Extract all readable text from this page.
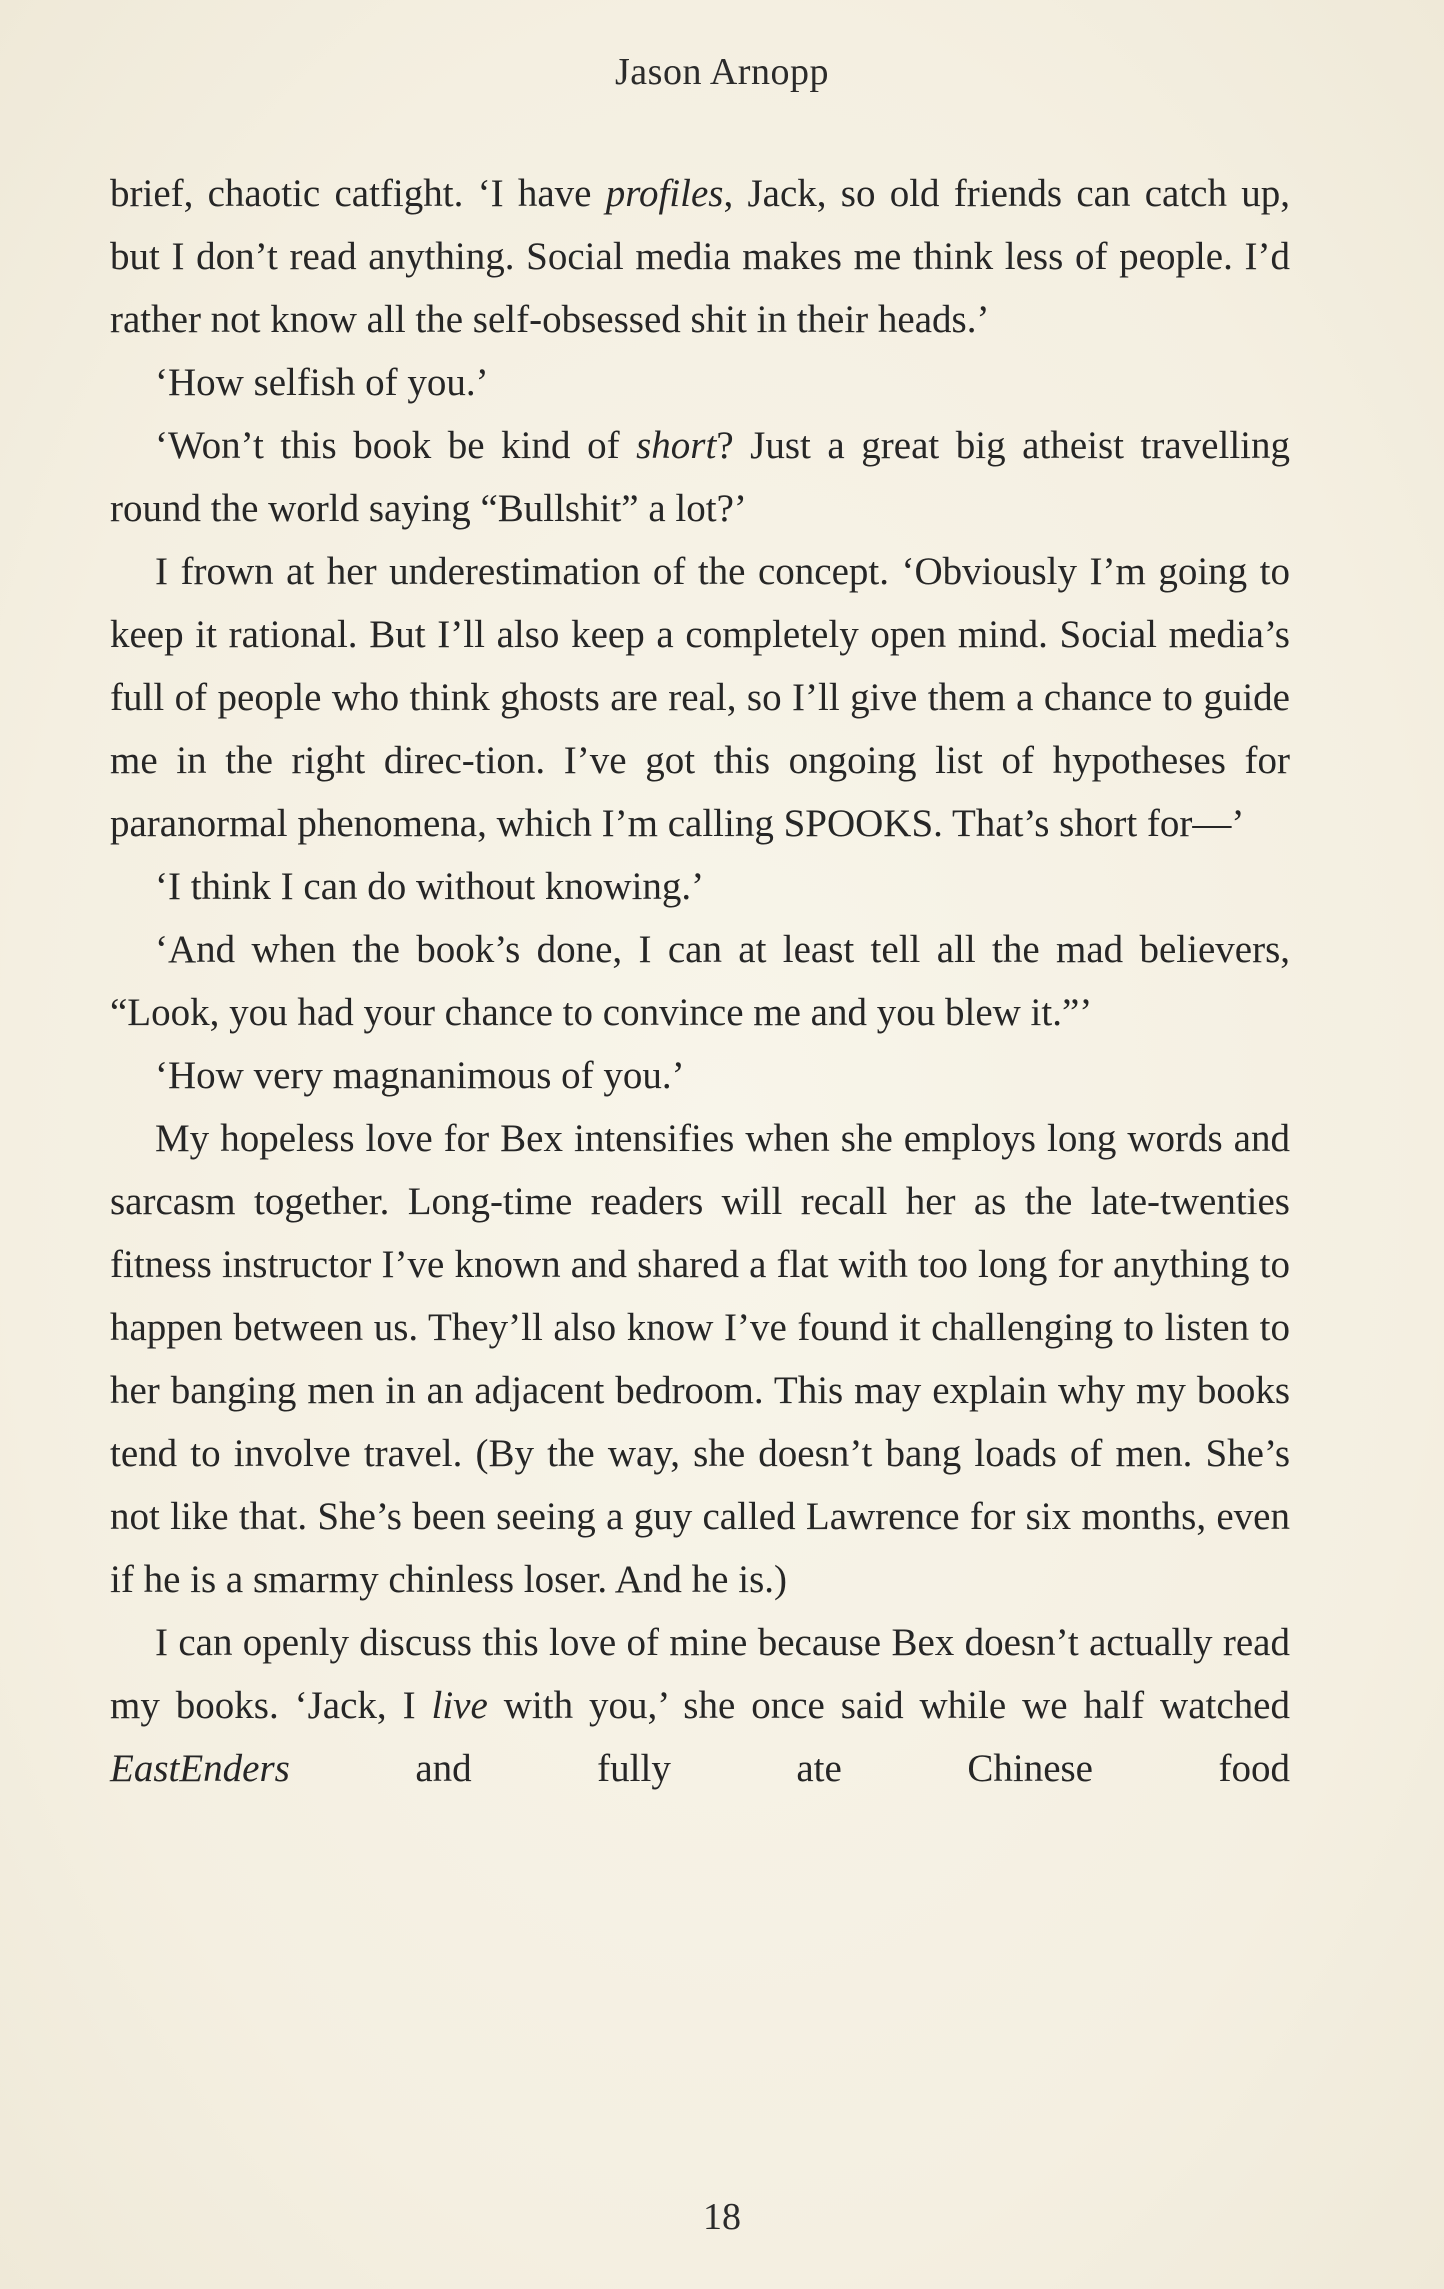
Jason Arnopp

brief, chaotic catfight. ‘I have profiles, Jack, so old friends can catch up, but I don’t read anything. Social media makes me think less of people. I’d rather not know all the self-obsessed shit in their heads.’

‘How selfish of you.’

‘Won’t this book be kind of short? Just a great big atheist travelling round the world saying “Bullshit” a lot?’

I frown at her underestimation of the concept. ‘Obviously I’m going to keep it rational. But I’ll also keep a completely open mind. Social media’s full of people who think ghosts are real, so I’ll give them a chance to guide me in the right direc-tion. I’ve got this ongoing list of hypotheses for paranormal phenomena, which I’m calling SPOOKS. That’s short for—’

‘I think I can do without knowing.’

‘And when the book’s done, I can at least tell all the mad believers, “Look, you had your chance to convince me and you blew it.”’

‘How very magnanimous of you.’

My hopeless love for Bex intensifies when she employs long words and sarcasm together. Long-time readers will recall her as the late-twenties fitness instructor I’ve known and shared a flat with too long for anything to happen between us. They’ll also know I’ve found it challenging to listen to her banging men in an adjacent bedroom. This may explain why my books tend to involve travel. (By the way, she doesn’t bang loads of men. She’s not like that. She’s been seeing a guy called Lawrence for six months, even if he is a smarmy chinless loser. And he is.)

I can openly discuss this love of mine because Bex doesn’t actually read my books. ‘Jack, I live with you,’ she once said while we half watched EastEnders and fully ate Chinese food

18
